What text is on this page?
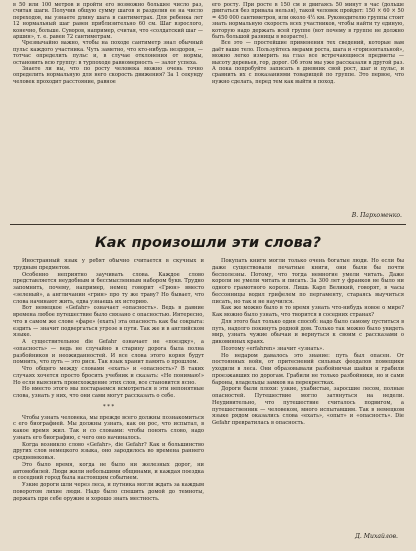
в 50 или 100 метров и пройти его возможно большее число раз, считая шаги. Получив общую сумму шагов и разделив ее на число переходов, вы узнаете длину шага в сантиметрах. Для ребенка лет 12 нормальный шаг равен приблизительно 60 см. Шаг взрослого, конечно, больше. Суворов, например, считая, что «солдатский шаг — аршин», т. е. равен 72 сантиметрам.

Чрезвычайно важно, чтобы на походе сантиметр знал обычный пульс каждого участника. Чуть заметно, что кто-нибудь нездоров, — тотчас определить пульс и, в случае отклонения от нормы, остановить всю группу: в турпоходе равномерность — залог успеха.

Знаете ли вы, что по росту человека можно очень точно определить нормальную для него скорость движения? За 1 секунду человек проходит расстояние, равное

его росту. При росте в 150 см и двигаясь 50 минут в час (дольше двигаться без привала нельзя), такой человек пройдет: 150 × 60 × 50 = 450 000 сантиметров, или около 4½ км. Руководителю группы стоит знать нормальную скорость всех участников, чтобы найти ту единую, которую надо держать всей группе (вот почему в группе не должно быть большой разницы в возрасте).

Все это — простейшие применения тех сведений, которые вам даёт ваше тело. Пользуйтесь мерами роста, шага и «горизонтальной», можно легко измерить на глаз все встречающиеся предметы — высоту деревьев, гор, дорог. Об этом мы уже рассказали в другой раз. А пока попробуйте записать в дневник свой рост, шаг и пульс, и сравнить их с показаниями товарищей по группе. Это первое, что нужно сделать, перед тем как выйти в поход.

В. Пархоменко.
Как произошли эти слова?

Иностранный язык у ребят обычно считается в скучных и трудным предметом.

Особенно неприятно заучивать слова. Каждое слово представляется неудобным и бессмысленным набором букв. Трудно запомнить, почему, например, немец говорит «Грюн» вместо «зеленый», а англичанин «грин» про ту же траву? Но бывает, что слова начинают жить, едва узнаешь их историю.

Вот немецкое «Gefahr» означает «опасность». Ведь в давние времена любое путешествие было связано с опасностью. Интересно, что в самом же слове «фаре» (ехать) эта опасность как бы сокрыта: ездить — значит подвергаться угрозе в пути. Так же и в английском языке.

А существительное die Gefahr означает не «поездку», а «опасность» — ведь не случайно в старину дорога была полна разбойников и неожиданностей. И все слова этого корня будут помнить, что путь — это риск. Так язык хранит память о прошлом.

Что общего между словами «ехать» и «опасность»? В таких случаях хочется просто бросить учебник и сказать: «Не понимаю!» Но если выяснить происхождение этих слов, все становится ясно.

Но вместо этого мы постараемся всмотреться в эти непонятные слова, узнать у них, что они сами могут рассказать о себе.

* * *

Чтобы узнать человека, мы прежде всего должны познакомиться с его биографией. Мы должны узнать, как он рос, что испытал, в какое время жил. Так и со словами: чтобы понять слово, надо узнать его биографию, с чего оно начиналось.

Когда возникло слово «Gefahr», die Gefahr? Как и большинство других слов немецкого языка, оно зародилось во времена раннего средневековья.

Это было время, когда не было ни железных дорог, ни автомобилей. Люди жили небольшими общинами, и каждая поездка в соседний город была настоящим событием.

Узкие дороги шли через леса, и путника могли ждать за каждым поворотом лихие люди. Надо было спешить домой до темноты, держать при себе оружие и хорошо знать местность.

Покупать книги могли только очень богатые люди. Но если бы даже существовали печатные книги, они были бы почти бесполезны. Потому, что тогда немногие умели читать. Даже короли не умели читать и писать. За 300 лет у франков не было ни одного грамотного короля. Лишь Карл Великий, говорят, в часы бессонницы водил грифелем по пергаменту, стараясь выучиться писать, но так и не научился.

Как же можно было в то время узнать что-нибудь новое о мире? Как можно было узнать, что творится в соседних странах?

Для этого был только один способ: надо было самому пуститься в путь, надолго покинуть родной дом. Только так можно было увидеть мир, узнать чужие обычаи и вернуться к своим с рассказами о диковинных краях.

Поэтому «erfahren» значит «узнать».

Но недаром давалось это знание: путь был опасен. От постоянных войн, от притеснений сильных феодалов помещики уходили в леса. Они образовывали разбойничьи шайки и грабили проезжавших по дорогам. Грабили не только разбойники, но и сами бароны, владельцы замков на перекрестках.

Дороги были плохи: узкие, ухабистые, заросшие лесом, полные опасностей. Путешествие могло затянуться на недели. Неудивительно, что путешествие считалось подвигом, а путешественник — человеком, много испытавшим. Так в немецком языке рядом оказались слова «ехать», «опыт» и «опасность». Die Gefahr превратилась в опасность.

Д. Михайлов.
